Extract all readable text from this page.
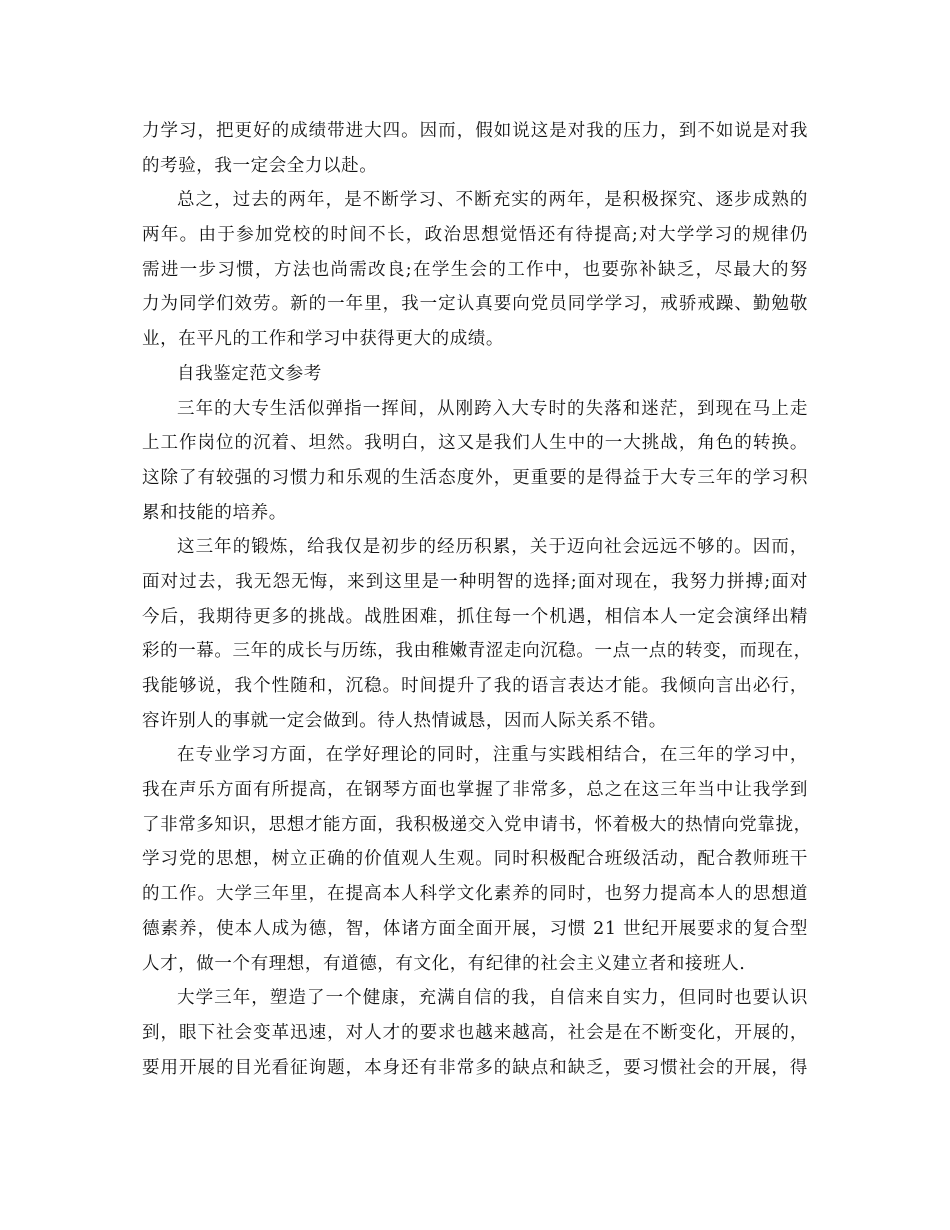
力学习，把更好的成绩带进大四。因而，假如说这是对我的压力，到不如说是对我
的考验，我一定会全力以赴。
总之，过去的两年，是不断学习、不断充实的两年，是积极探究、逐步成熟的
两年。由于参加党校的时间不长，政治思想觉悟还有待提高;对大学学习的规律仍
需进一步习惯，方法也尚需改良;在学生会的工作中，也要弥补缺乏，尽最大的努
力为同学们效劳。新的一年里，我一定认真要向党员同学学习，戒骄戒躁、勤勉敬
业，在平凡的工作和学习中获得更大的成绩。
自我鉴定范文参考
三年的大专生活似弹指一挥间，从刚跨入大专时的失落和迷茫，到现在马上走
上工作岗位的沉着、坦然。我明白，这又是我们人生中的一大挑战，角色的转换。
这除了有较强的习惯力和乐观的生活态度外，更重要的是得益于大专三年的学习积
累和技能的培养。
这三年的锻炼，给我仅是初步的经历积累，关于迈向社会远远不够的。因而，
面对过去，我无怨无悔，来到这里是一种明智的选择;面对现在，我努力拼搏;面对
今后，我期待更多的挑战。战胜困难，抓住每一个机遇，相信本人一定会演绎出精
彩的一幕。三年的成长与历练，我由稚嫩青涩走向沉稳。一点一点的转变，而现在，
我能够说，我个性随和，沉稳。时间提升了我的语言表达才能。我倾向言出必行，
容许别人的事就一定会做到。待人热情诚恳，因而人际关系不错。
在专业学习方面，在学好理论的同时，注重与实践相结合，在三年的学习中，
我在声乐方面有所提高，在钢琴方面也掌握了非常多，总之在这三年当中让我学到
了非常多知识，思想才能方面，我积极递交入党申请书，怀着极大的热情向党靠拢，
学习党的思想，树立正确的价值观人生观。同时积极配合班级活动，配合教师班干
的工作。大学三年里，在提高本人科学文化素养的同时，也努力提高本人的思想道
德素养，使本人成为德，智，体诸方面全面开展，习惯 21 世纪开展要求的复合型
人才，做一个有理想，有道德，有文化，有纪律的社会主义建立者和接班人.
大学三年，塑造了一个健康，充满自信的我，自信来自实力，但同时也要认识
到，眼下社会变革迅速，对人才的要求也越来越高，社会是在不断变化，开展的，
要用开展的目光看征询题，本身还有非常多的缺点和缺乏，要习惯社会的开展，得
